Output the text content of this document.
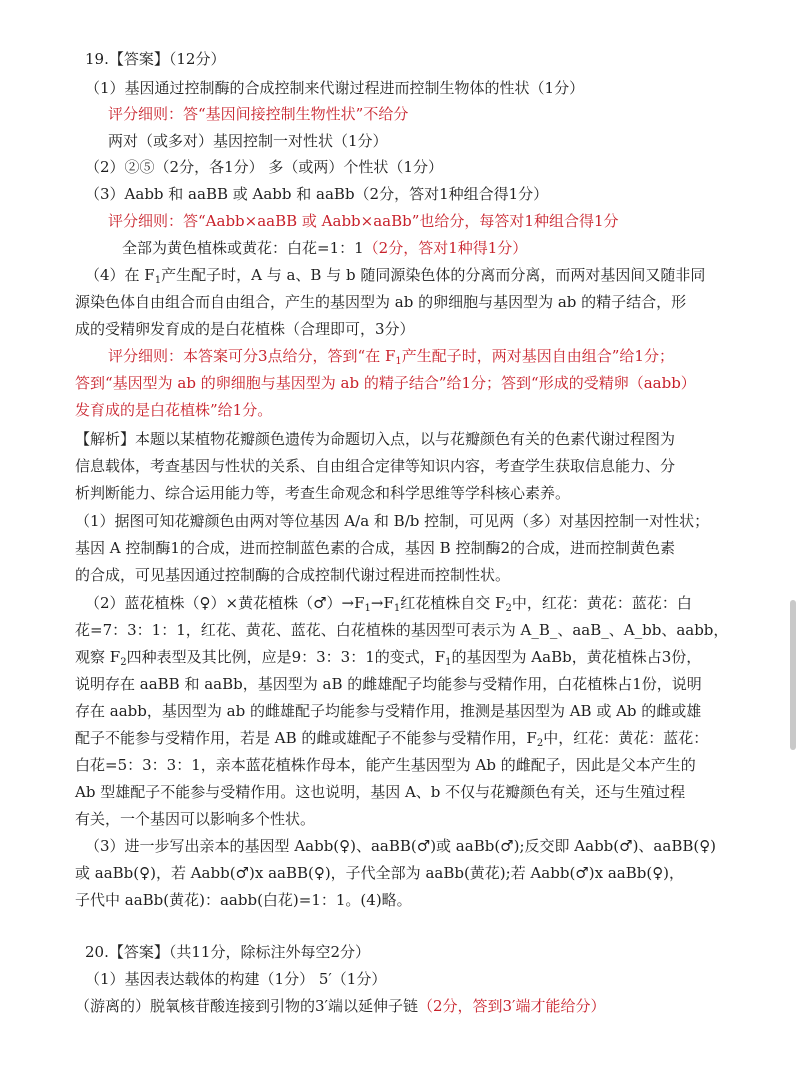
19.【答案】（12分）
（1）基因通过控制酶的合成控制来代谢过程进而控制生物体的性状（1分）
评分细则：答“基因间接控制生物性状”不给分
两对（或多对）基因控制一对性状（1分）
（2）②⑤（2分，各1分） 多（或两）个性状（1分）
（3）Aabb 和 aaBB 或 Aabb 和 aaBb（2分，答对1种组合得1分）
评分细则：答“Aabb×aaBB 或 Aabb×aaBb”也给分，每答对1种组合得1分
全部为黄色植株或黄花：白花=1：1（2分，答对1种得1分）
（4）在 $F_1$产生配子时，A 与 a、B 与 b 随同源染色体的分离而分离，而两对基因间又随非同
源染色体自由组合而自由组合，产生的基因型为 ab 的卵细胞与基因型为 ab 的精子结合，形
成的受精卵发育成的是白花植株（合理即可，3分）
评分细则：本答案可分3点给分，答到“在 $F_1$产生配子时，两对基因自由组合”给1分；
答到“基因型为 ab 的卵细胞与基因型为 ab 的精子结合”给1分；答到“形成的受精卵（aabb）
发育成的是白花植株”给1分。
【解析】本题以某植物花瓣颜色遗传为命题切入点，以与花瓣颜色有关的色素代谢过程图为
信息载体，考查基因与性状的关系、自由组合定律等知识内容，考查学生获取信息能力、分
析判断能力、综合运用能力等，考查生命观念和科学思维等学科核心素养。
（1）据图可知花瓣颜色由两对等位基因 A/a 和 B/b 控制，可见两（多）对基因控制一对性状；
基因 A 控制酶1的合成，进而控制蓝色素的合成，基因 B 控制酶2的合成，进而控制黄色素
的合成，可见基因通过控制酶的合成控制代谢过程进而控制性状。
（2）蓝花植株（♀）×黄花植株$(♂)\to F_1\to F_1$红花植株自交 $F_2$中，红花：黄花：蓝花：白
花=7：3：1：1，红花、黄花、蓝花、白花植株的基因型可表示为 A_B_、aaB_、A_bb、aabb，
观察 $F_2$四种表型及其比例，应是9：3：3：1的变式，$F_1$的基因型为 AaBb，黄花植株占3份，
说明存在 aaBB 和 aaBb，基因型为 aB 的雌雄配子均能参与受精作用，白花植株占1份，说明
存在 aabb，基因型为 ab 的雌雄配子均能参与受精作用，推测是基因型为 AB 或 Ab 的雌或雄
配子不能参与受精作用，若是 AB 的雌或雄配子不能参与受精作用，$F_2$中，红花：黄花：蓝花：
白花=5：3：3：1，亲本蓝花植株作母本，能产生基因型为 Ab 的雌配子，因此是父本产生的
Ab 型雄配子不能参与受精作用。这也说明，基因 A、b 不仅与花瓣颜色有关，还与生殖过程
有关，一个基因可以影响多个性状。
（3）进一步写出亲本的基因型 Aabb(♀)、aaBB(♂)或 aaBb(♂);反交即 Aabb(♂)、aaBB(♀)
或 aaBb(♀)，若 Aabb(♂)x aaBB(♀)，子代全部为 aaBb(黄花);若 Aabb(♂)x aaBb(♀)，
子代中 aaBb(黄花)：aabb(白花)=1：1。(4)略。
20.【答案】（共11分，除标注外每空2分）
（1）基因表达载体的构建（1分） 5′（1分）
（游离的）脱氧核苷酸连接到引物的3′端以延伸子链（2分，答到3′端才能给分）
